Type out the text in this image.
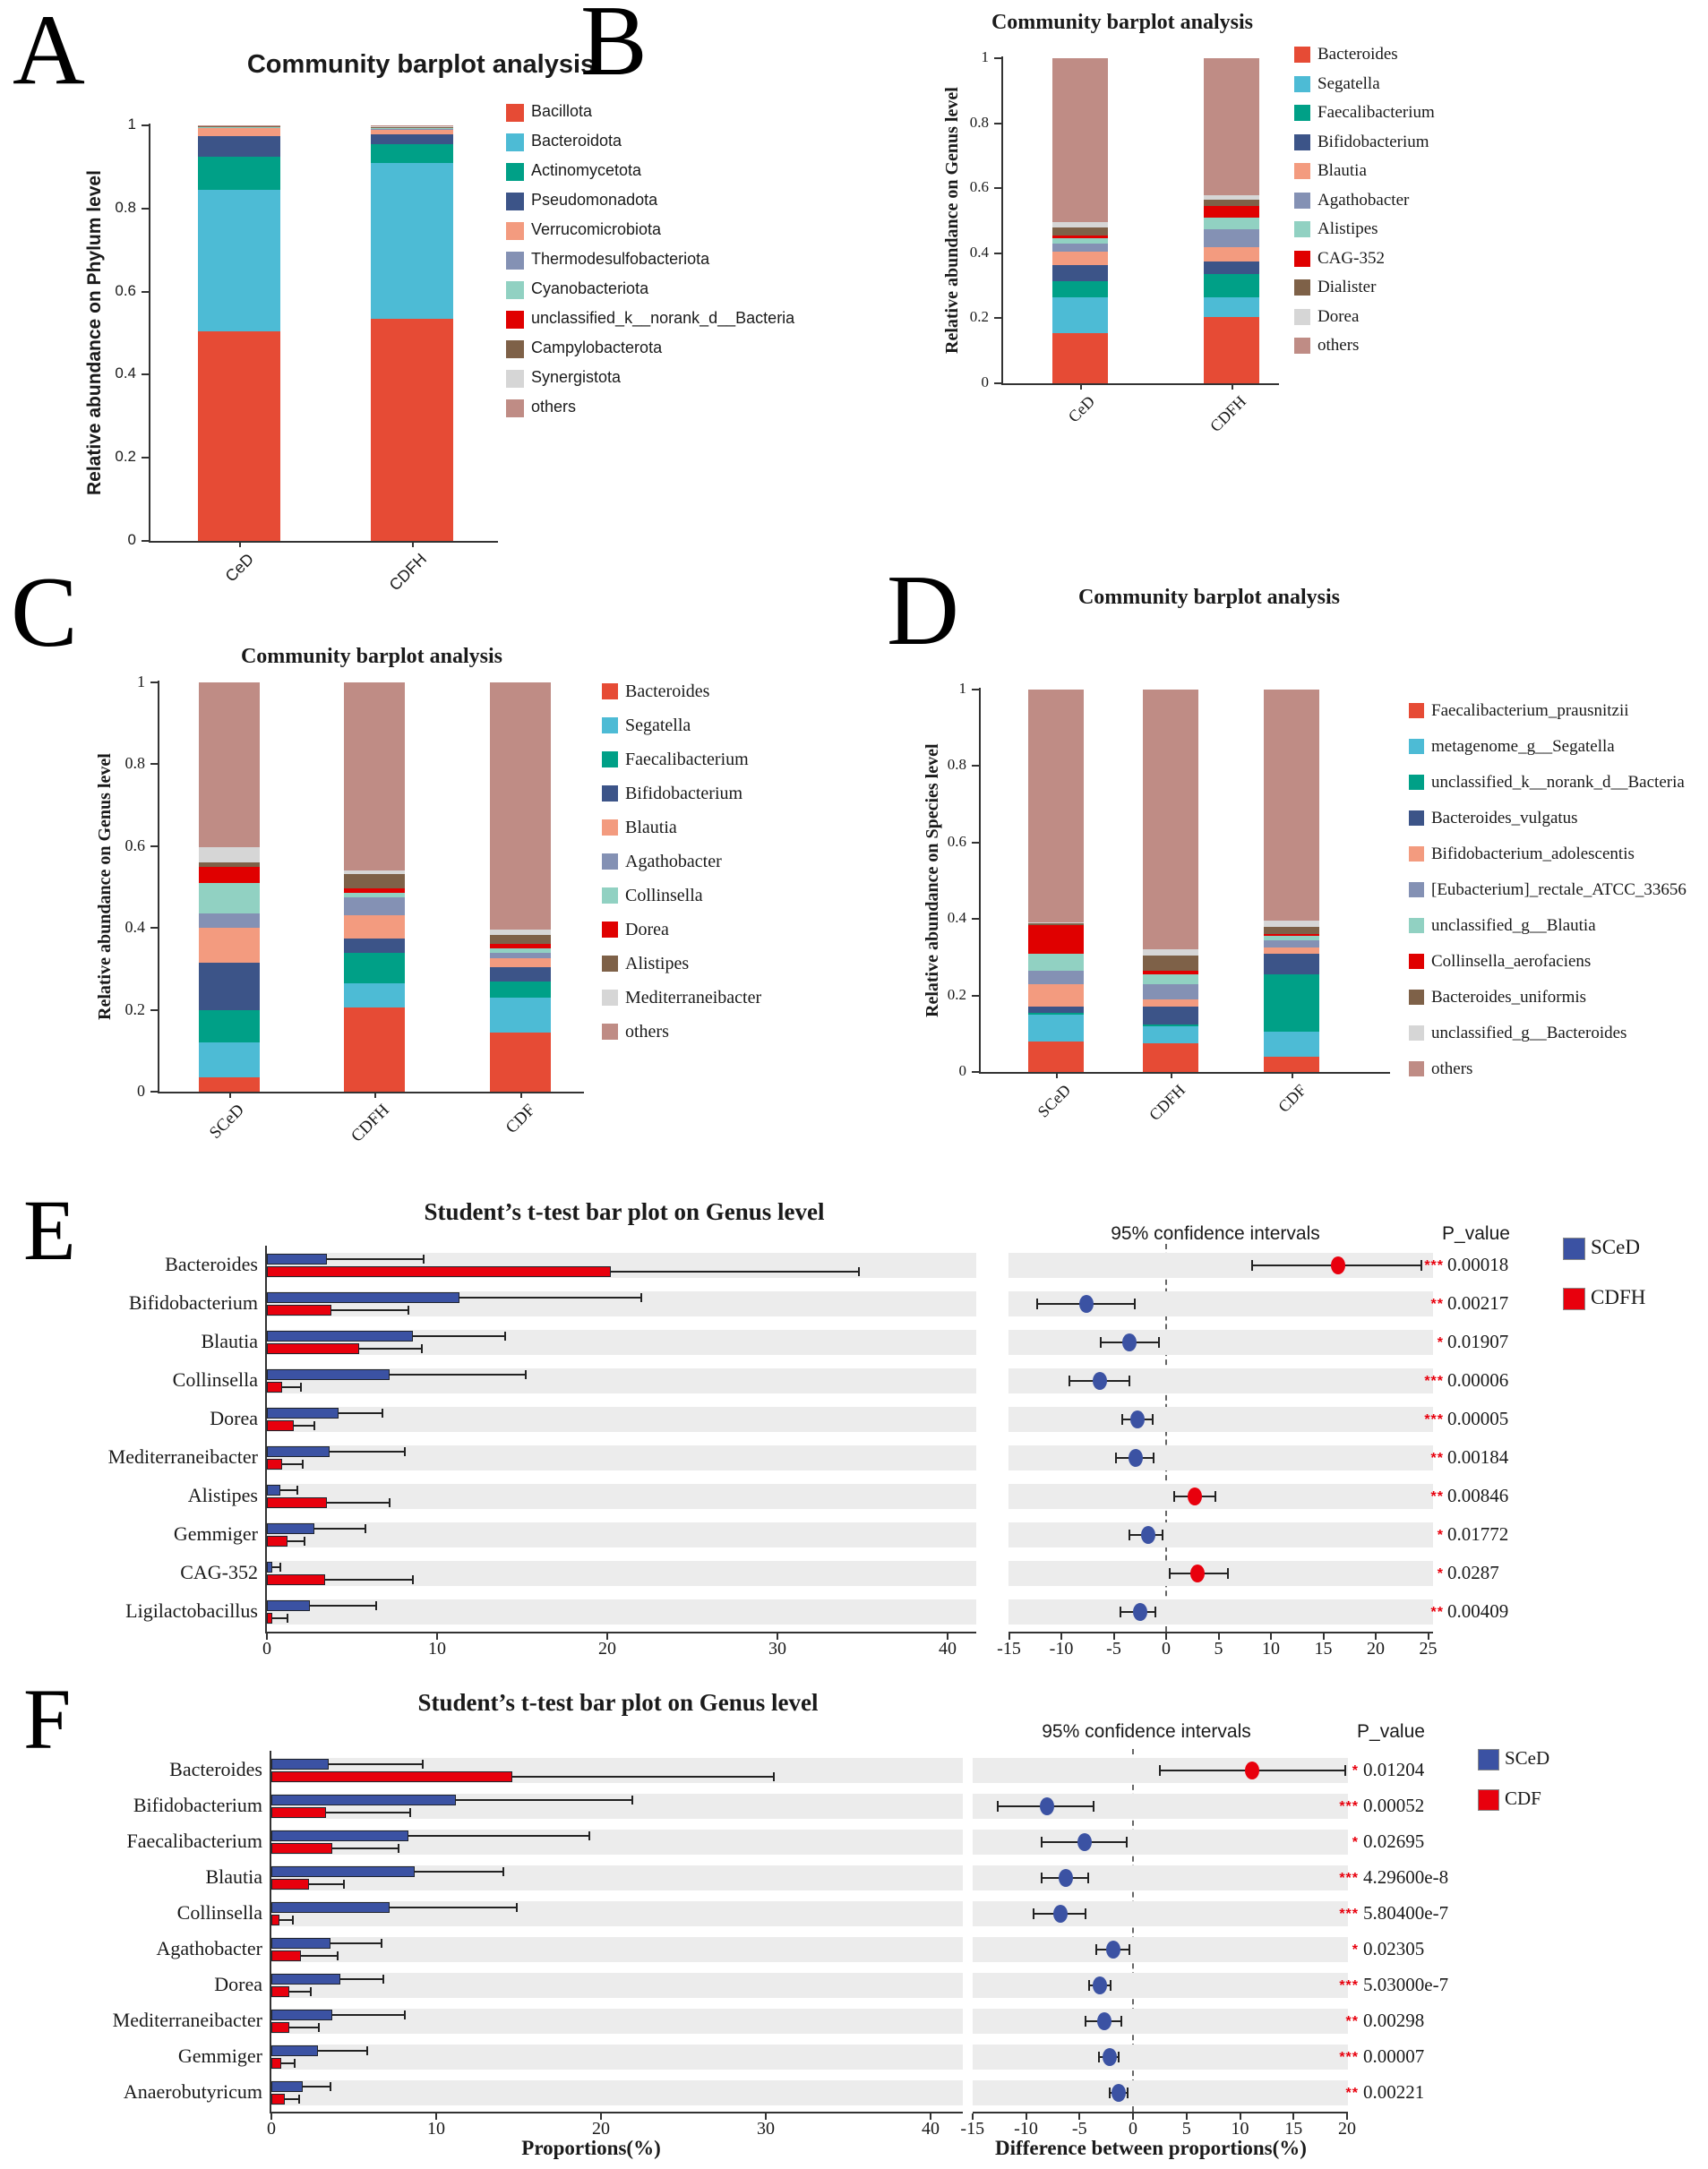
A	Community barplot analysis
Relative abundance on Phylum level
B	Community barplot analysis
Relative abundance on Genus level
C	Community barplot analysis
Relative abundance on Genus level
D	Community barplot analysis
Relative abundance on Species level
E	Student’s t-test bar plot on Genus level
95% confidence intervals	P_value
F	Student’s t-test bar plot on Genus level
95% confidence intervals	P_value
Proportions(%)	Difference between proportions(%)
0
0.2
0.4
0.6
0.8
1
CeD	CDFH
Bacillota
Bacteroidota
Actinomycetota
Pseudomonadota
Verrucomicrobiota
Thermodesulfobacteriota
Cyanobacteriota
unclassified_k__norank_d__Bacteria
Campylobacterota
Synergistota
others
0
0.2
0.4
0.6
0.8
1
CeD	CDFH
Bacteroides
Segatella
Faecalibacterium
Bifidobacterium
Blautia
Agathobacter
Alistipes
CAG-352
Dialister
Dorea
others
0
0.2
0.4
0.6
0.8
1
SCeD	CDFH	CDF
Bacteroides
Segatella
Faecalibacterium
Bifidobacterium
Blautia
Agathobacter
Collinsella
Dorea
Alistipes
Mediterraneibacter
others
0
0.2
0.4
0.6
0.8
1
SCeD	CDFH	CDF
Faecalibacterium_prausnitzii
metagenome_g__Segatella
unclassified_k__norank_d__Bacteria
Bacteroides_vulgatus
Bifidobacterium_adolescentis
[Eubacterium]_rectale_ATCC_33656
unclassified_g__Blautia
Collinsella_aerofaciens
Bacteroides_uniformis
unclassified_g__Bacteroides
others
0	10	20	30	40	-15	-10	-5	0	5	10	15	20	25
Bacteroides	*** 0.00018
Bifidobacterium	** 0.00217
Blautia	* 0.01907
Collinsella	*** 0.00006
Dorea	*** 0.00005
Mediterraneibacter	** 0.00184
Alistipes	** 0.00846
Gemmiger	* 0.01772
CAG-352	* 0.0287
Ligilactobacillus	** 0.00409
SCeD
CDFH
0	10	20	30	40	-15	-10	-5	0	5	10	15	20
Bacteroides	* 0.01204
Bifidobacterium	*** 0.00052
Faecalibacterium	* 0.02695
Blautia	*** 4.29600e-8
Collinsella	*** 5.80400e-7
Agathobacter	* 0.02305
Dorea	*** 5.03000e-7
Mediterraneibacter	** 0.00298
Gemmiger	*** 0.00007
Anaerobutyricum	** 0.00221
SCeD
CDF
